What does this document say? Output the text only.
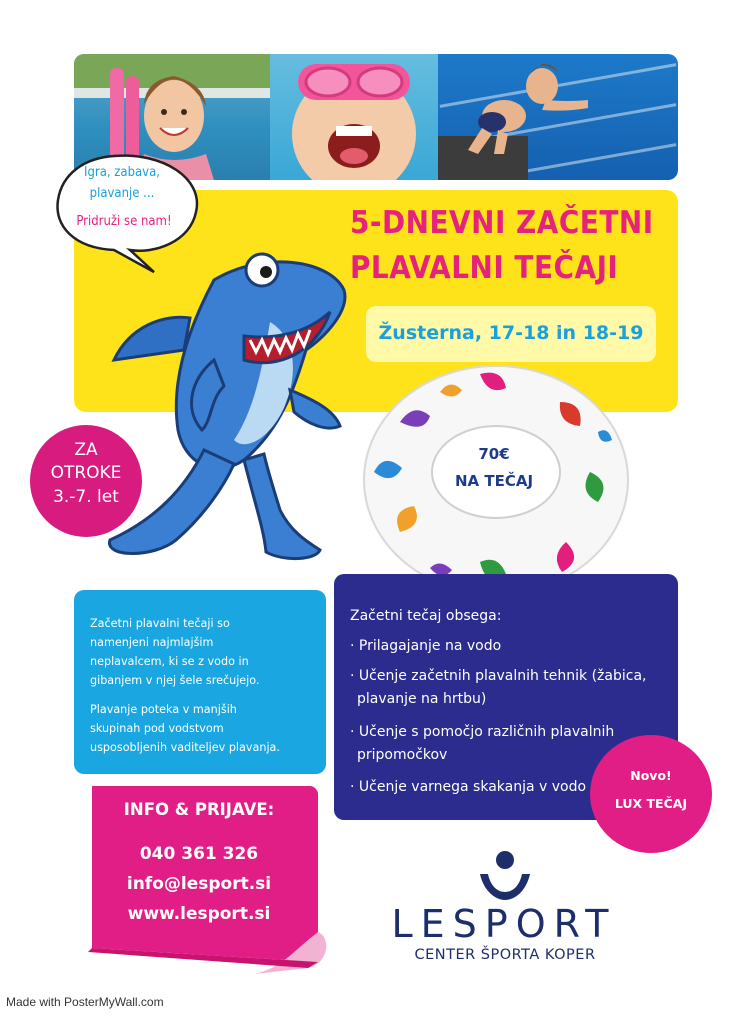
5-DNEVNI ZAČETNI
PLAVALNI TEČAJI
Žusterna, 17-18 in 18-19
Igra, zabava,
plavanje ...
Pridruži se nam!
ZA
OTROKE
3.-7. let
70€
NA TEČAJ
Začetni plavalni tečaji so
namenjeni najmlajšim
neplavalcem, ki se z vodo in
gibanjem v njej šele srečujejo.
Plavanje poteka v manjših
skupinah pod vodstvom
usposobljenih vaditeljev plavanja.
Začetni tečaj obsega:
· Prilagajanje na vodo
· Učenje začetnih plavalnih tehnik (žabica,
plavanje na hrtbu)
· Učenje s pomočjo različnih plavalnih
pripomočkov
· Učenje varnega skakanja v vodo
Novo!
LUX TEČAJ
INFO & PRIJAVE:
040 361 326
info@lesport.si
www.lesport.si	LESPORT
CENTER ŠPORTA KOPER
Made with PosterMyWall.com
